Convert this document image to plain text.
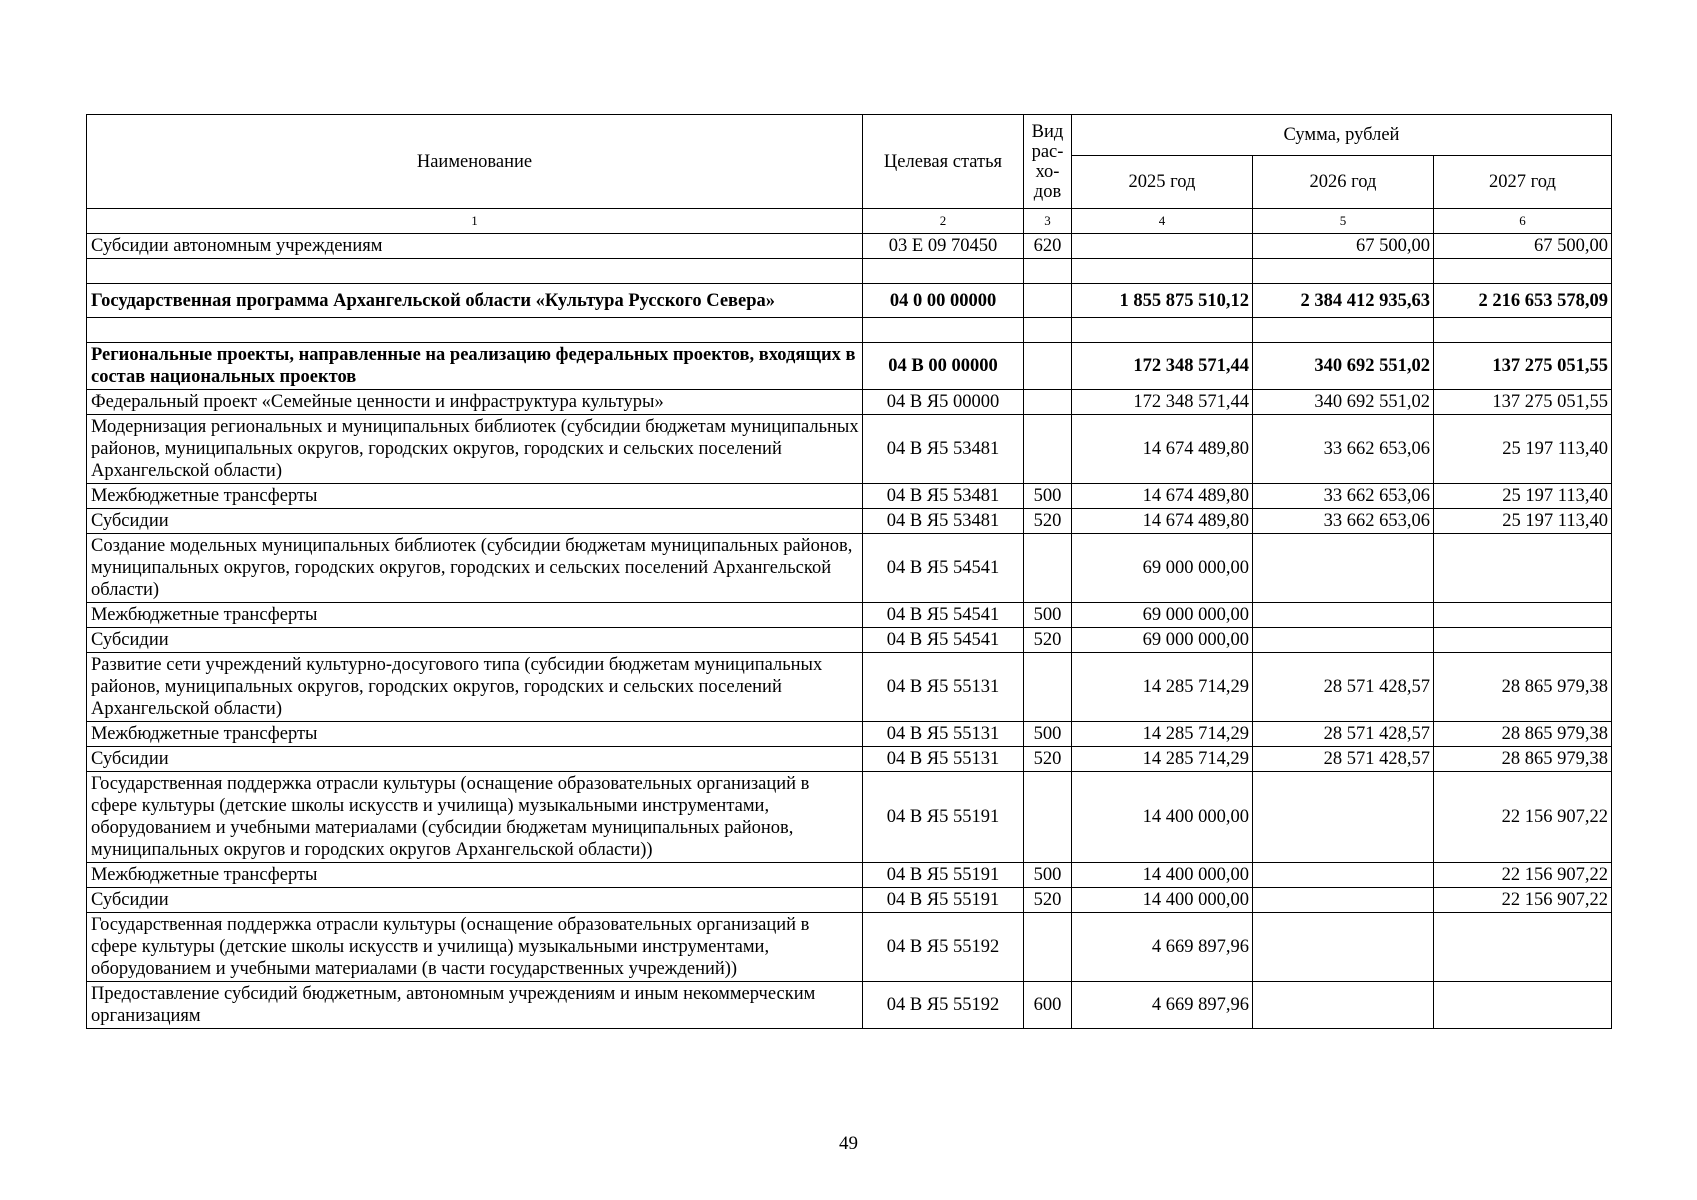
Наименование	Целевая статья	Вид рас- хо- дов	Сумма, рублей		
			2025 год	2026 год	2027 год
1	2	3	4	5	6
Субсидии автономным учреждениям	03 Е 09 70450	620		67 500,00	67 500,00

Государственная программа Архангельской области «Культура Русского Севера»	04 0 00 00000		1 855 875 510,12	2 384 412 935,63	2 216 653 578,09

Региональные проекты, направленные на реализацию федеральных проектов, входящих в состав национальных проектов	04 В 00 00000		172 348 571,44	340 692 551,02	137 275 051,55
Федеральный проект «Семейные ценности и инфраструктура культуры»	04 В Я5 00000		172 348 571,44	340 692 551,02	137 275 051,55
Модернизация региональных и муниципальных библиотек (субсидии бюджетам муниципальных районов, муниципальных округов, городских округов, городских и сельских поселений Архангельской области)	04 В Я5 53481		14 674 489,80	33 662 653,06	25 197 113,40
Межбюджетные трансферты	04 В Я5 53481	500	14 674 489,80	33 662 653,06	25 197 113,40
Субсидии	04 В Я5 53481	520	14 674 489,80	33 662 653,06	25 197 113,40
Создание модельных муниципальных библиотек (субсидии бюджетам муниципальных районов, муниципальных округов, городских округов, городских и сельских поселений Архангельской области)	04 В Я5 54541		69 000 000,00		
Межбюджетные трансферты	04 В Я5 54541	500	69 000 000,00		
Субсидии	04 В Я5 54541	520	69 000 000,00		
Развитие сети учреждений культурно-досугового типа (субсидии бюджетам муниципальных районов, муниципальных округов, городских округов, городских и сельских поселений Архангельской области)	04 В Я5 55131		14 285 714,29	28 571 428,57	28 865 979,38
Межбюджетные трансферты	04 В Я5 55131	500	14 285 714,29	28 571 428,57	28 865 979,38
Субсидии	04 В Я5 55131	520	14 285 714,29	28 571 428,57	28 865 979,38
Государственная поддержка отрасли культуры (оснащение образовательных организаций в сфере культуры (детские школы искусств и училища) музыкальными инструментами, оборудованием и учебными материалами (субсидии бюджетам муниципальных районов, муниципальных округов и городских округов Архангельской области))	04 В Я5 55191		14 400 000,00		22 156 907,22
Межбюджетные трансферты	04 В Я5 55191	500	14 400 000,00		22 156 907,22
Субсидии	04 В Я5 55191	520	14 400 000,00		22 156 907,22
Государственная поддержка отрасли культуры (оснащение образовательных организаций в сфере культуры (детские школы искусств и училища) музыкальными инструментами, оборудованием и учебными материалами (в части государственных учреждений))	04 В Я5 55192		4 669 897,96		
Предоставление субсидий бюджетным, автономным учреждениям и иным некоммерческим организациям	04 В Я5 55192	600	4 669 897,96		
49
